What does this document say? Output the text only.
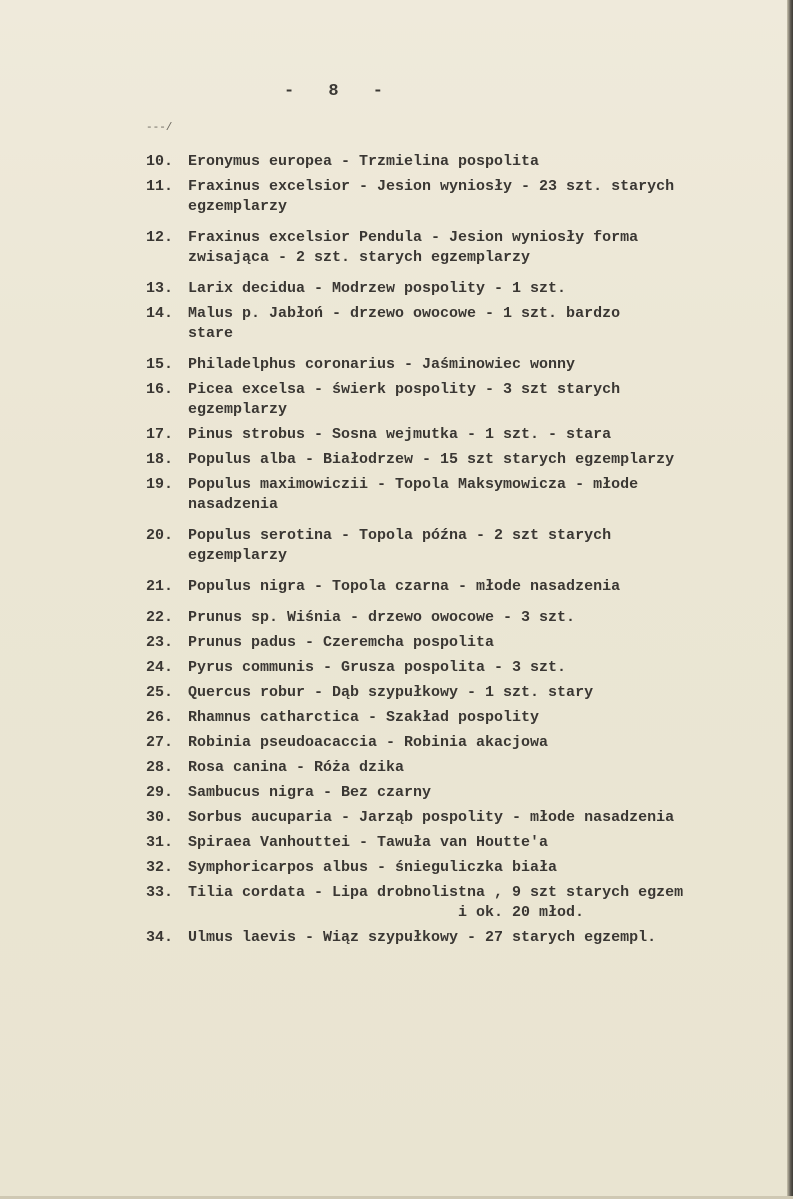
- 8 -
---/
10. Eronymus europea - Trzmielina pospolita
11. Fraxinus excelsior - Jesion wyniosły - 23 szt. starych
egzemplarzy
12. Fraxinus excelsior Pendula - Jesion wyniosły forma
zwisająca - 2 szt. starych egzemplarzy
13. Larix decidua - Modrzew pospolity - 1 szt.
14. Malus p. Jabłoń - drzewo owocowe - 1 szt. bardzo
stare
15. Philadelphus coronarius - Jaśminowiec wonny
16. Picea excelsa - świerk pospolity - 3 szt starych
egzemplarzy
17. Pinus strobus - Sosna wejmutka - 1 szt. - stara
18. Populus alba - Białodrzew - 15 szt starych egzemplarzy
19. Populus maximowiczii - Topola Maksymowicza - młode
nasadzenia
20. Populus serotina - Topola późna - 2 szt starych
egzemplarzy
21. Populus nigra - Topola czarna - młode nasadzenia
22. Prunus sp. Wiśnia - drzewo owocowe - 3 szt.
23. Prunus padus - Czeremcha pospolita
24. Pyrus communis - Grusza pospolita - 3 szt.
25. Quercus robur - Dąb szypułkowy - 1 szt. stary
26. Rhamnus catharctica - Szakład pospolity
27. Robinia pseudoacaccia - Robinia akacjowa
28. Rosa canina - Róża dzika
29. Sambucus nigra - Bez czarny
30. Sorbus aucuparia - Jarząb pospolity - młode nasadzenia
31. Spiraea Vanhouttei - Tawuła van Houtte'a
32. Symphoricarpos albus - śnieguliczka biała
33. Tilia cordata - Lipa drobnolistna , 9 szt starych egzem
i ok. 20 młod.
34. Ulmus laevis - Wiąz szypułkowy - 27 starych egzempl.
